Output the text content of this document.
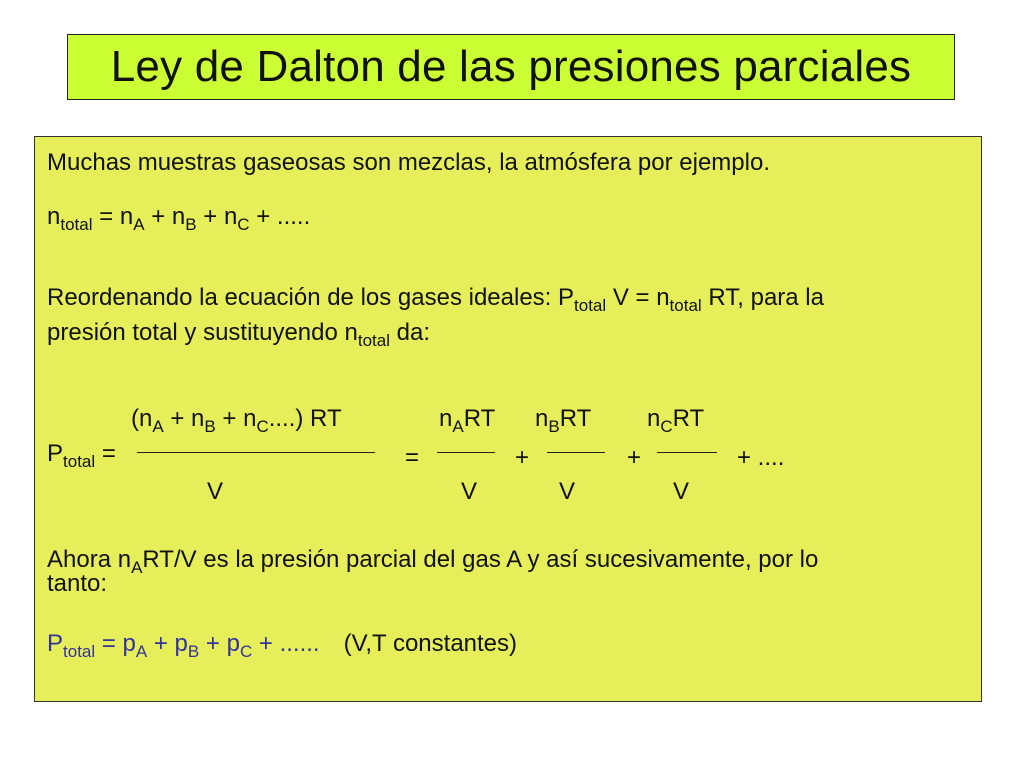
Ley de Dalton de las presiones parciales
Muchas muestras gaseosas son mezclas, la atmósfera por ejemplo.
$n_{total} = n_A + n_B + n_C$ + .....
Reordenando la ecuación de los gases ideales: $P_{total}$ $V = n_{total}$ RT, para la
presión total y sustituyendo $n_{total}$ da:
$(n_A + n_B + n_C....)$ RT	$n_ART$ $n_BRT$ $n_CRT$
$P_{total}$ =	=	+	+	+ ....
V	V	V	V
Ahora $n_ART/V$ es la presión parcial del gas A y así sucesivamente, por lo
tanto:
$P_{total} = p_A + p_B + p_C$ + ...... (V,T constantes)
